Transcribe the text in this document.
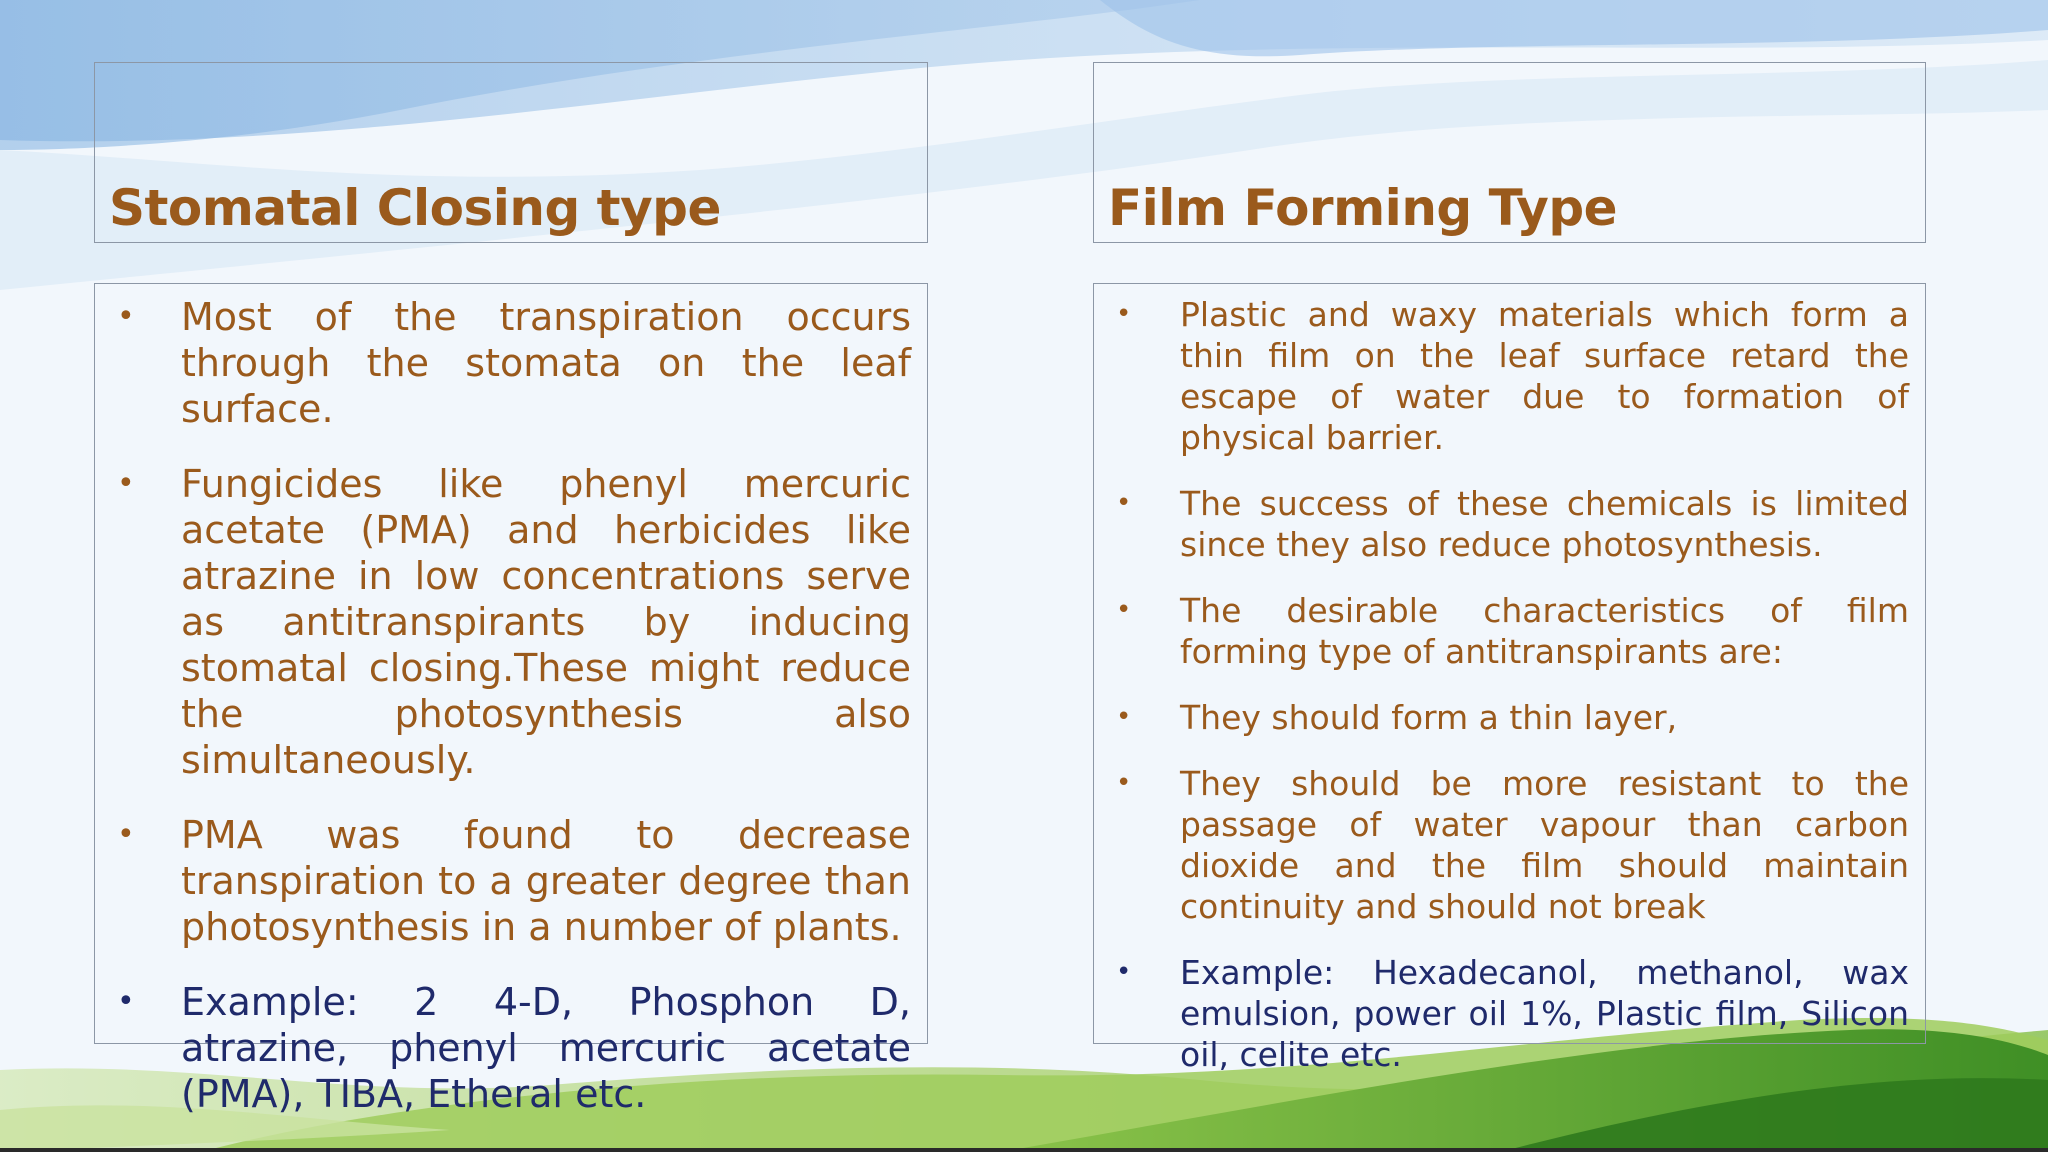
Stomatal Closing type	Film Forming Type
• Most of the transpiration occurs through the stomata on the leaf surface.
• Fungicides like phenyl mercuric acetate (PMA) and herbicides like atrazine in low concentrations serve as antitranspirants by inducing stomatal closing.These might reduce the photosynthesis also simultaneously.
• PMA was found to decrease transpiration to a greater degree than photosynthesis in a number of plants.
• Example: 2 4-D, Phosphon D, atrazine, phenyl mercuric acetate (PMA), TIBA, Etheral etc.
• Plastic and waxy materials which form a thin film on the leaf surface retard the escape of water due to formation of physical barrier.
• The success of these chemicals is limited since they also reduce photosynthesis.
• The desirable characteristics of film forming type of antitranspirants are:
• They should form a thin layer,
• They should be more resistant to the passage of water vapour than carbon dioxide and the film should maintain continuity and should not break
• Example: Hexadecanol, methanol, wax emulsion, power oil 1%, Plastic film, Silicon oil, celite etc.
